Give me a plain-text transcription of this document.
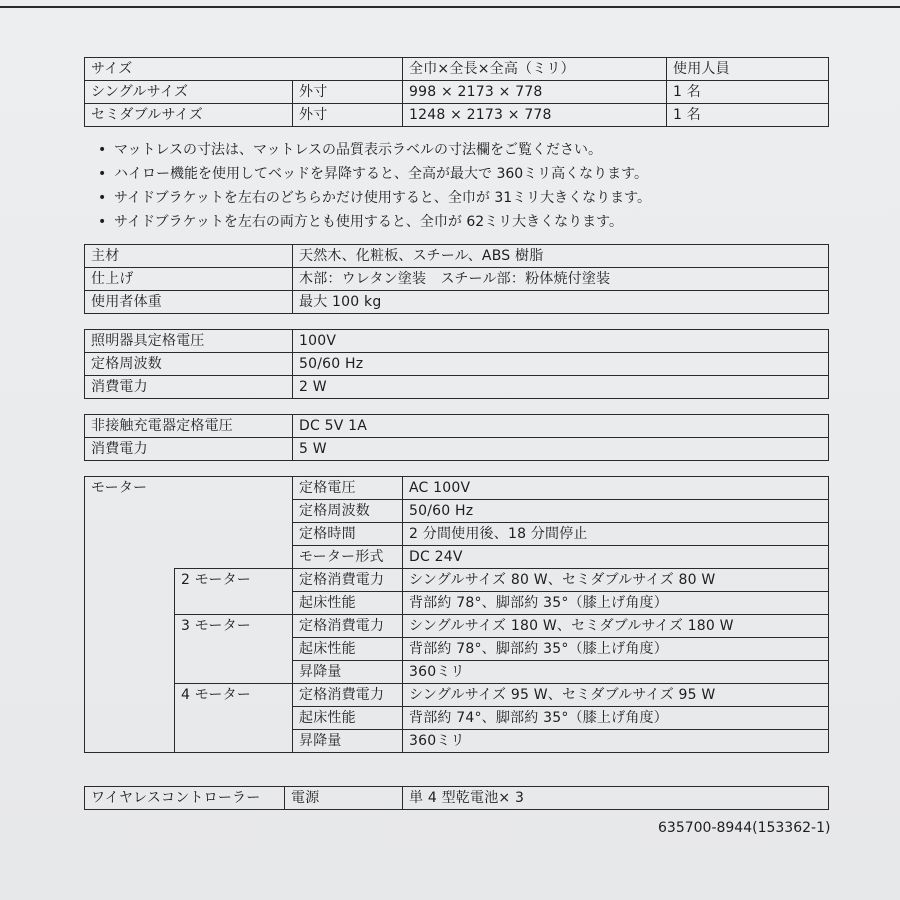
サイズ		全巾×全長×全高（ミリ）	使用人員
シングルサイズ	外寸	998 × 2173 × 778	1 名
セミダブルサイズ	外寸	1248 × 2173 × 778	1 名
• マットレスの寸法は、マットレスの品質表示ラベルの寸法欄をご覧ください。
• ハイロー機能を使用してベッドを昇降すると、全高が最大で 360ミリ高くなります。
• サイドブラケットを左右のどちらかだけ使用すると、全巾が 31ミリ大きくなります。
• サイドブラケットを左右の両方とも使用すると、全巾が 62ミリ大きくなります。
主材	天然木、化粧板、スチール、ABS 樹脂
仕上げ	木部：ウレタン塗装　スチール部：粉体焼付塗装
使用者体重	最大 100 kg
照明器具定格電圧	100V
定格周波数	50/60 Hz
消費電力	2 W
非接触充電器定格電圧	DC 5V 1A
消費電力	5 W
モーター		定格電圧	AC 100V
		定格周波数	50/60 Hz
		定格時間	2 分間使用後、18 分間停止
		モーター形式	DC 24V
	2 モーター	定格消費電力	シングルサイズ 80 W、セミダブルサイズ 80 W
		起床性能	背部約 78°、脚部約 35°（膝上げ角度）
	3 モーター	定格消費電力	シングルサイズ 180 W、セミダブルサイズ 180 W
		起床性能	背部約 78°、脚部約 35°（膝上げ角度）
		昇降量	360ミリ
	4 モーター	定格消費電力	シングルサイズ 95 W、セミダブルサイズ 95 W
		起床性能	背部約 74°、脚部約 35°（膝上げ角度）
		昇降量	360ミリ
ワイヤレスコントローラー	電源	単 4 型乾電池× 3
635700-8944(153362-1)
